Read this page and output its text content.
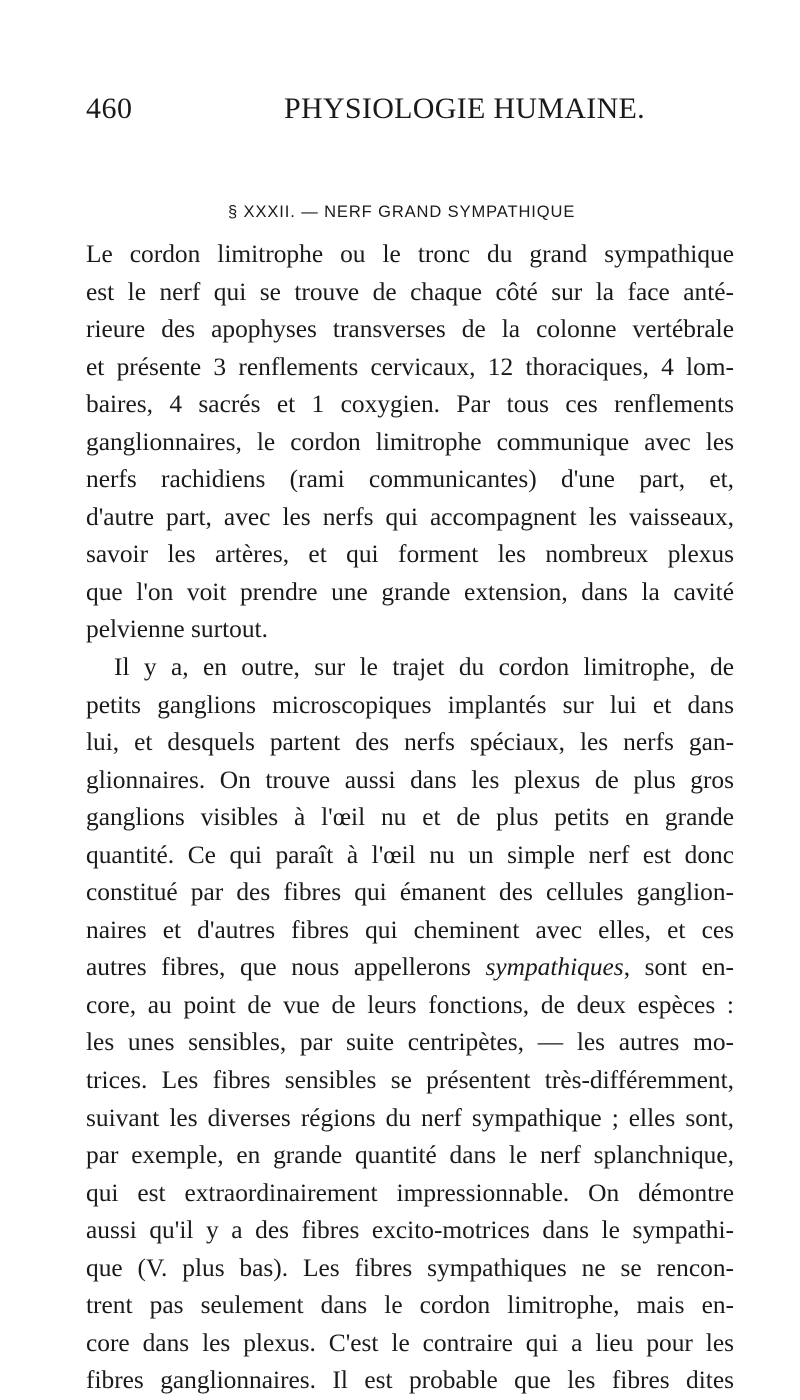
460	PHYSIOLOGIE HUMAINE.
§ XXXII. — NERF GRAND SYMPATHIQUE
Le cordon limitrophe ou le tronc du grand sympathique
est le nerf qui se trouve de chaque côté sur la face anté-
rieure des apophyses transverses de la colonne vertébrale
et présente 3 renflements cervicaux, 12 thoraciques, 4 lom-
baires, 4 sacrés et 1 coxygien. Par tous ces renflements
ganglionnaires, le cordon limitrophe communique avec les
nerfs rachidiens (rami communicantes) d'une part, et,
d'autre part, avec les nerfs qui accompagnent les vaisseaux,
savoir les artères, et qui forment les nombreux plexus
que l'on voit prendre une grande extension, dans la cavité
pelvienne surtout.
Il y a, en outre, sur le trajet du cordon limitrophe, de
petits ganglions microscopiques implantés sur lui et dans
lui, et desquels partent des nerfs spéciaux, les nerfs gan-
glionnaires. On trouve aussi dans les plexus de plus gros
ganglions visibles à l'œil nu et de plus petits en grande
quantité. Ce qui paraît à l'œil nu un simple nerf est donc
constitué par des fibres qui émanent des cellules ganglion-
naires et d'autres fibres qui cheminent avec elles, et ces
autres fibres, que nous appellerons sympathiques, sont en-
core, au point de vue de leurs fonctions, de deux espèces :
les unes sensibles, par suite centripètes, — les autres mo-
trices. Les fibres sensibles se présentent très-différemment,
suivant les diverses régions du nerf sympathique ; elles sont,
par exemple, en grande quantité dans le nerf splanchnique,
qui est extraordinairement impressionnable. On démontre
aussi qu'il y a des fibres excito-motrices dans le sympathi-
que (V. plus bas). Les fibres sympathiques ne se rencon-
trent pas seulement dans le cordon limitrophe, mais en-
core dans les plexus. C'est le contraire qui a lieu pour les
fibres ganglionnaires. Il est probable que les fibres dites
